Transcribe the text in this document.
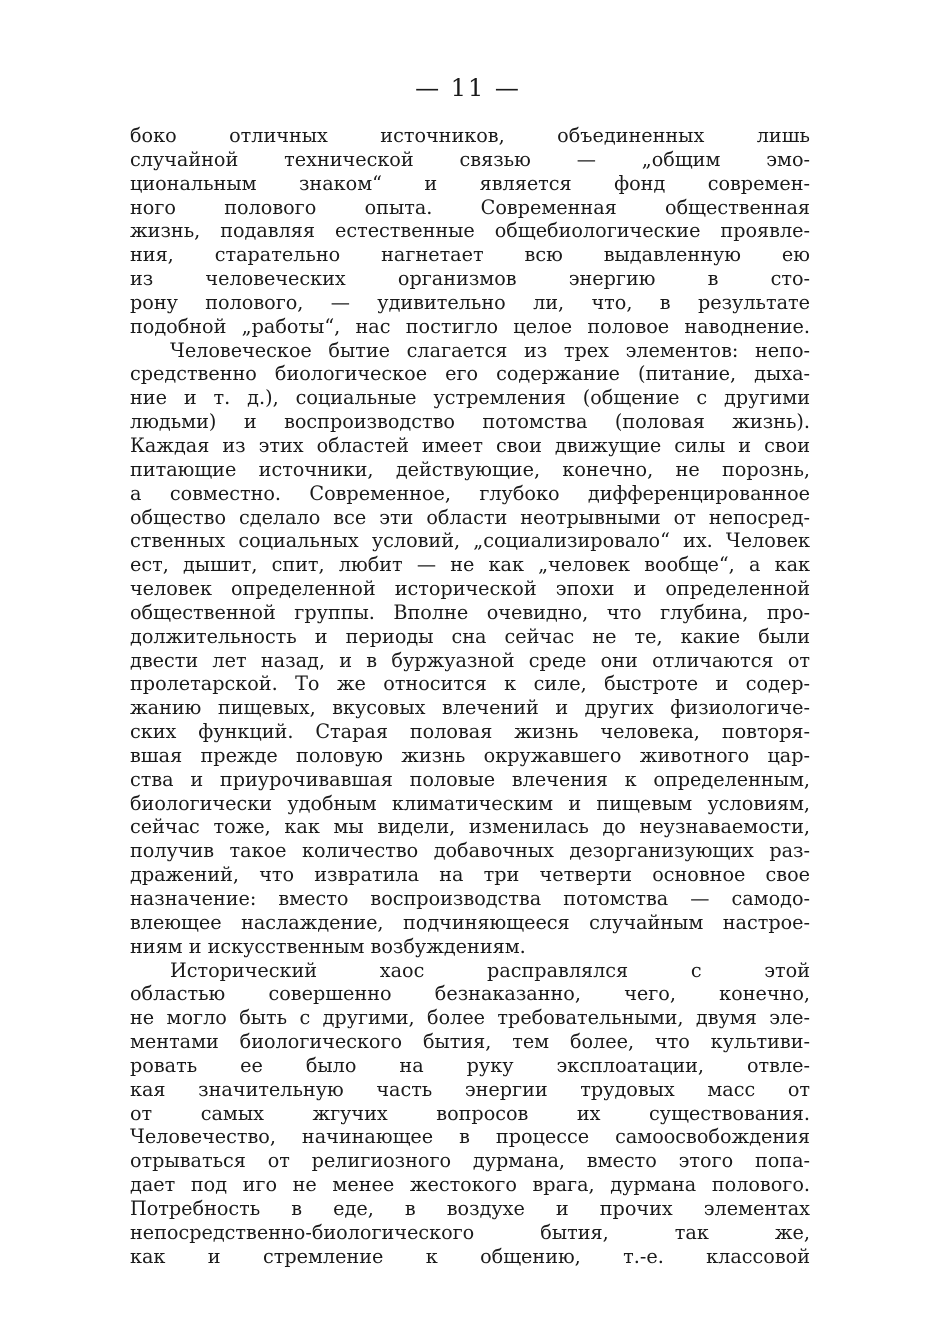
— 11 —
боко отличных источников, объединенных лишь
случайной технической связью — „общим эмо-
циональным знаком“ и является фонд современ-
ного полового опыта. Современная общественная
жизнь, подавляя естественные общебиологические проявле-
ния, старательно нагнетает всю выдавленную ею
из человеческих организмов энергию в сто-
рону полового, — удивительно ли, что, в результате
подобной „работы“, нас постигло целое половое наводнение.
Человеческое бытие слагается из трех элементов: непо-
средственно биологическое его содержание (питание, дыха-
ние и т. д.), социальные устремления (общение с другими
людьми) и воспроизводство потомства (половая жизнь).
Каждая из этих областей имеет свои движущие силы и свои
питающие источники, действующие, конечно, не порознь,
а совместно. Современное, глубоко дифференцированное
общество сделало все эти области неотрывными от непосред-
ственных социальных условий, „социализировало“ их. Человек
ест, дышит, спит, любит — не как „человек вообще“, а как
человек определенной исторической эпохи и определенной
общественной группы. Вполне очевидно, что глубина, про-
должительность и периоды сна сейчас не те, какие были
двести лет назад, и в буржуазной среде они отличаются от
пролетарской. То же относится к силе, быстроте и содер-
жанию пищевых, вкусовых влечений и других физиологиче-
ских функций. Старая половая жизнь человека, повторя-
вшая прежде половую жизнь окружавшего животного цар-
ства и приурочивавшая половые влечения к определенным,
биологически удобным климатическим и пищевым условиям,
сейчас тоже, как мы видели, изменилась до неузнаваемости,
получив такое количество добавочных дезорганизующих раз-
дражений, что извратила на три четверти основное свое
назначение: вместо воспроизводства потомства — самодо-
влеющее наслаждение, подчиняющееся случайным настрое-
ниям и искусственным возбуждениям.
Исторический хаос расправлялся с этой
областью совершенно безнаказанно, чего, конечно,
не могло быть с другими, более требовательными, двумя эле-
ментами биологического бытия, тем более, что культиви-
ровать ее было на руку эксплоатации, отвле-
кая значительную часть энергии трудовых масс от
от самых жгучих вопросов их существования.
Человечество, начинающее в процессе самоосвобождения
отрываться от религиозного дурмана, вместо этого попа-
дает под иго не менее жестокого врага, дурмана полового.
Потребность в еде, в воздухе и прочих элементах
непосредственно-биологического бытия, так же,
как и стремление к общению, т.-е. классовой
